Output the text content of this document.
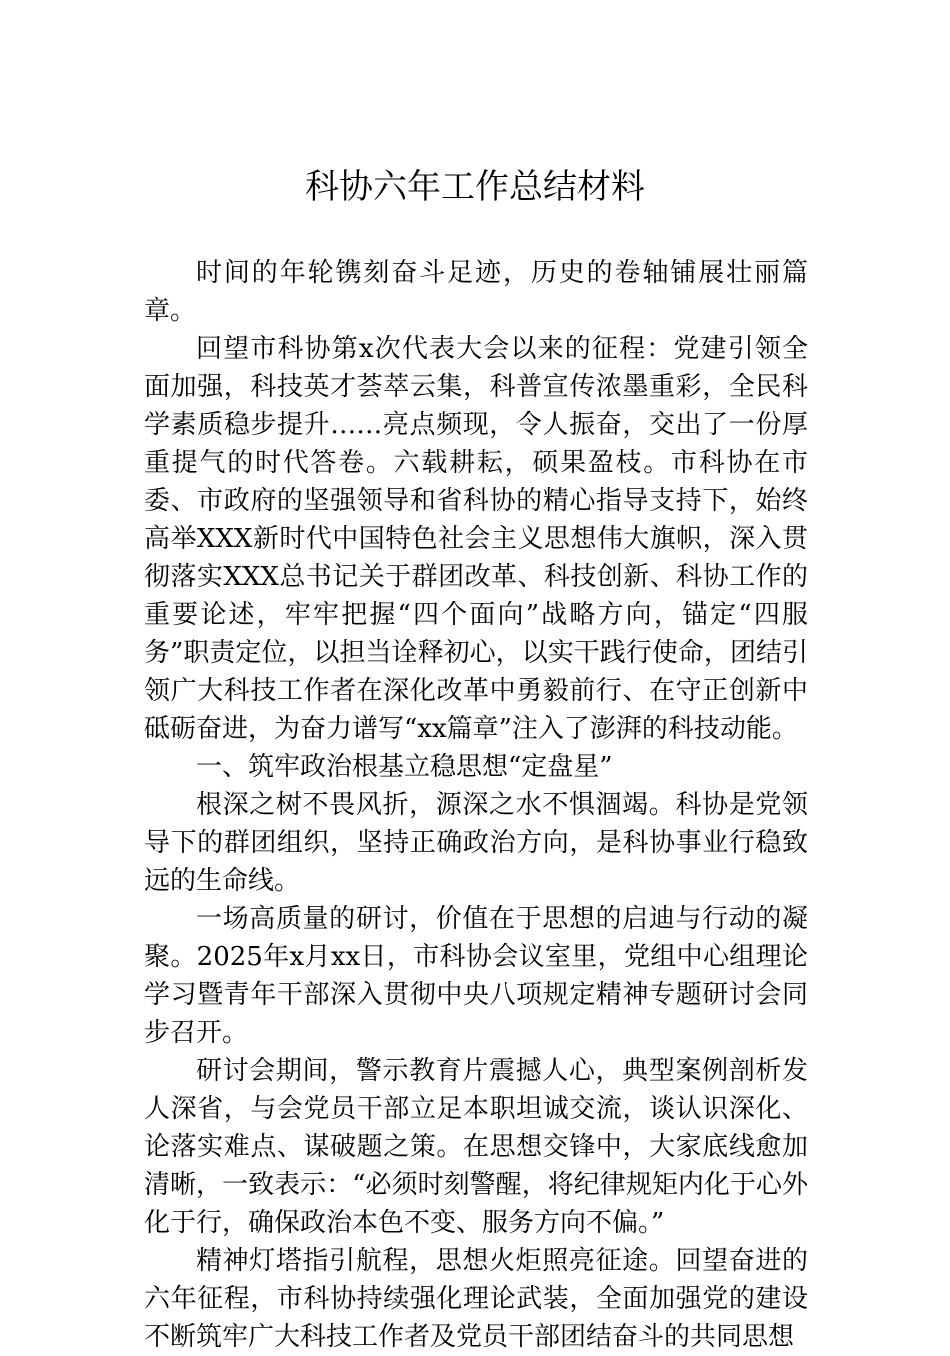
科协六年工作总结材料

时间的年轮镌刻奋斗足迹，历史的卷轴铺展壮丽篇章。

回望市科协第x次代表大会以来的征程：党建引领全面加强，科技英才荟萃云集，科普宣传浓墨重彩，全民科学素质稳步提升……亮点频现，令人振奋，交出了一份厚重提气的时代答卷。六载耕耘，硕果盈枝。市科协在市委、市政府的坚强领导和省科协的精心指导支持下，始终高举XXX新时代中国特色社会主义思想伟大旗帜，深入贯彻落实XXX总书记关于群团改革、科技创新、科协工作的重要论述，牢牢把握“四个面向”战略方向，锚定“四服务”职责定位，以担当诠释初心，以实干践行使命，团结引领广大科技工作者在深化改革中勇毅前行、在守正创新中砥砺奋进，为奋力谱写“xx篇章”注入了澎湃的科技动能。

一、筑牢政治根基立稳思想“定盘星”

根深之树不畏风折，源深之水不惧涸竭。科协是党领导下的群团组织，坚持正确政治方向，是科协事业行稳致远的生命线。

一场高质量的研讨，价值在于思想的启迪与行动的凝聚。2025年x月xx日，市科协会议室里，党组中心组理论学习暨青年干部深入贯彻中央八项规定精神专题研讨会同步召开。

研讨会期间，警示教育片震撼人心，典型案例剖析发人深省，与会党员干部立足本职坦诚交流，谈认识深化、论落实难点、谋破题之策。在思想交锋中，大家底线愈加清晰，一致表示：“必须时刻警醒，将纪律规矩内化于心外化于行，确保政治本色不变、服务方向不偏。”

精神灯塔指引航程，思想火炬照亮征途。回望奋进的六年征程，市科协持续强化理论武装，全面加强党的建设不断筑牢广大科技工作者及党员干部团结奋斗的共同思想
